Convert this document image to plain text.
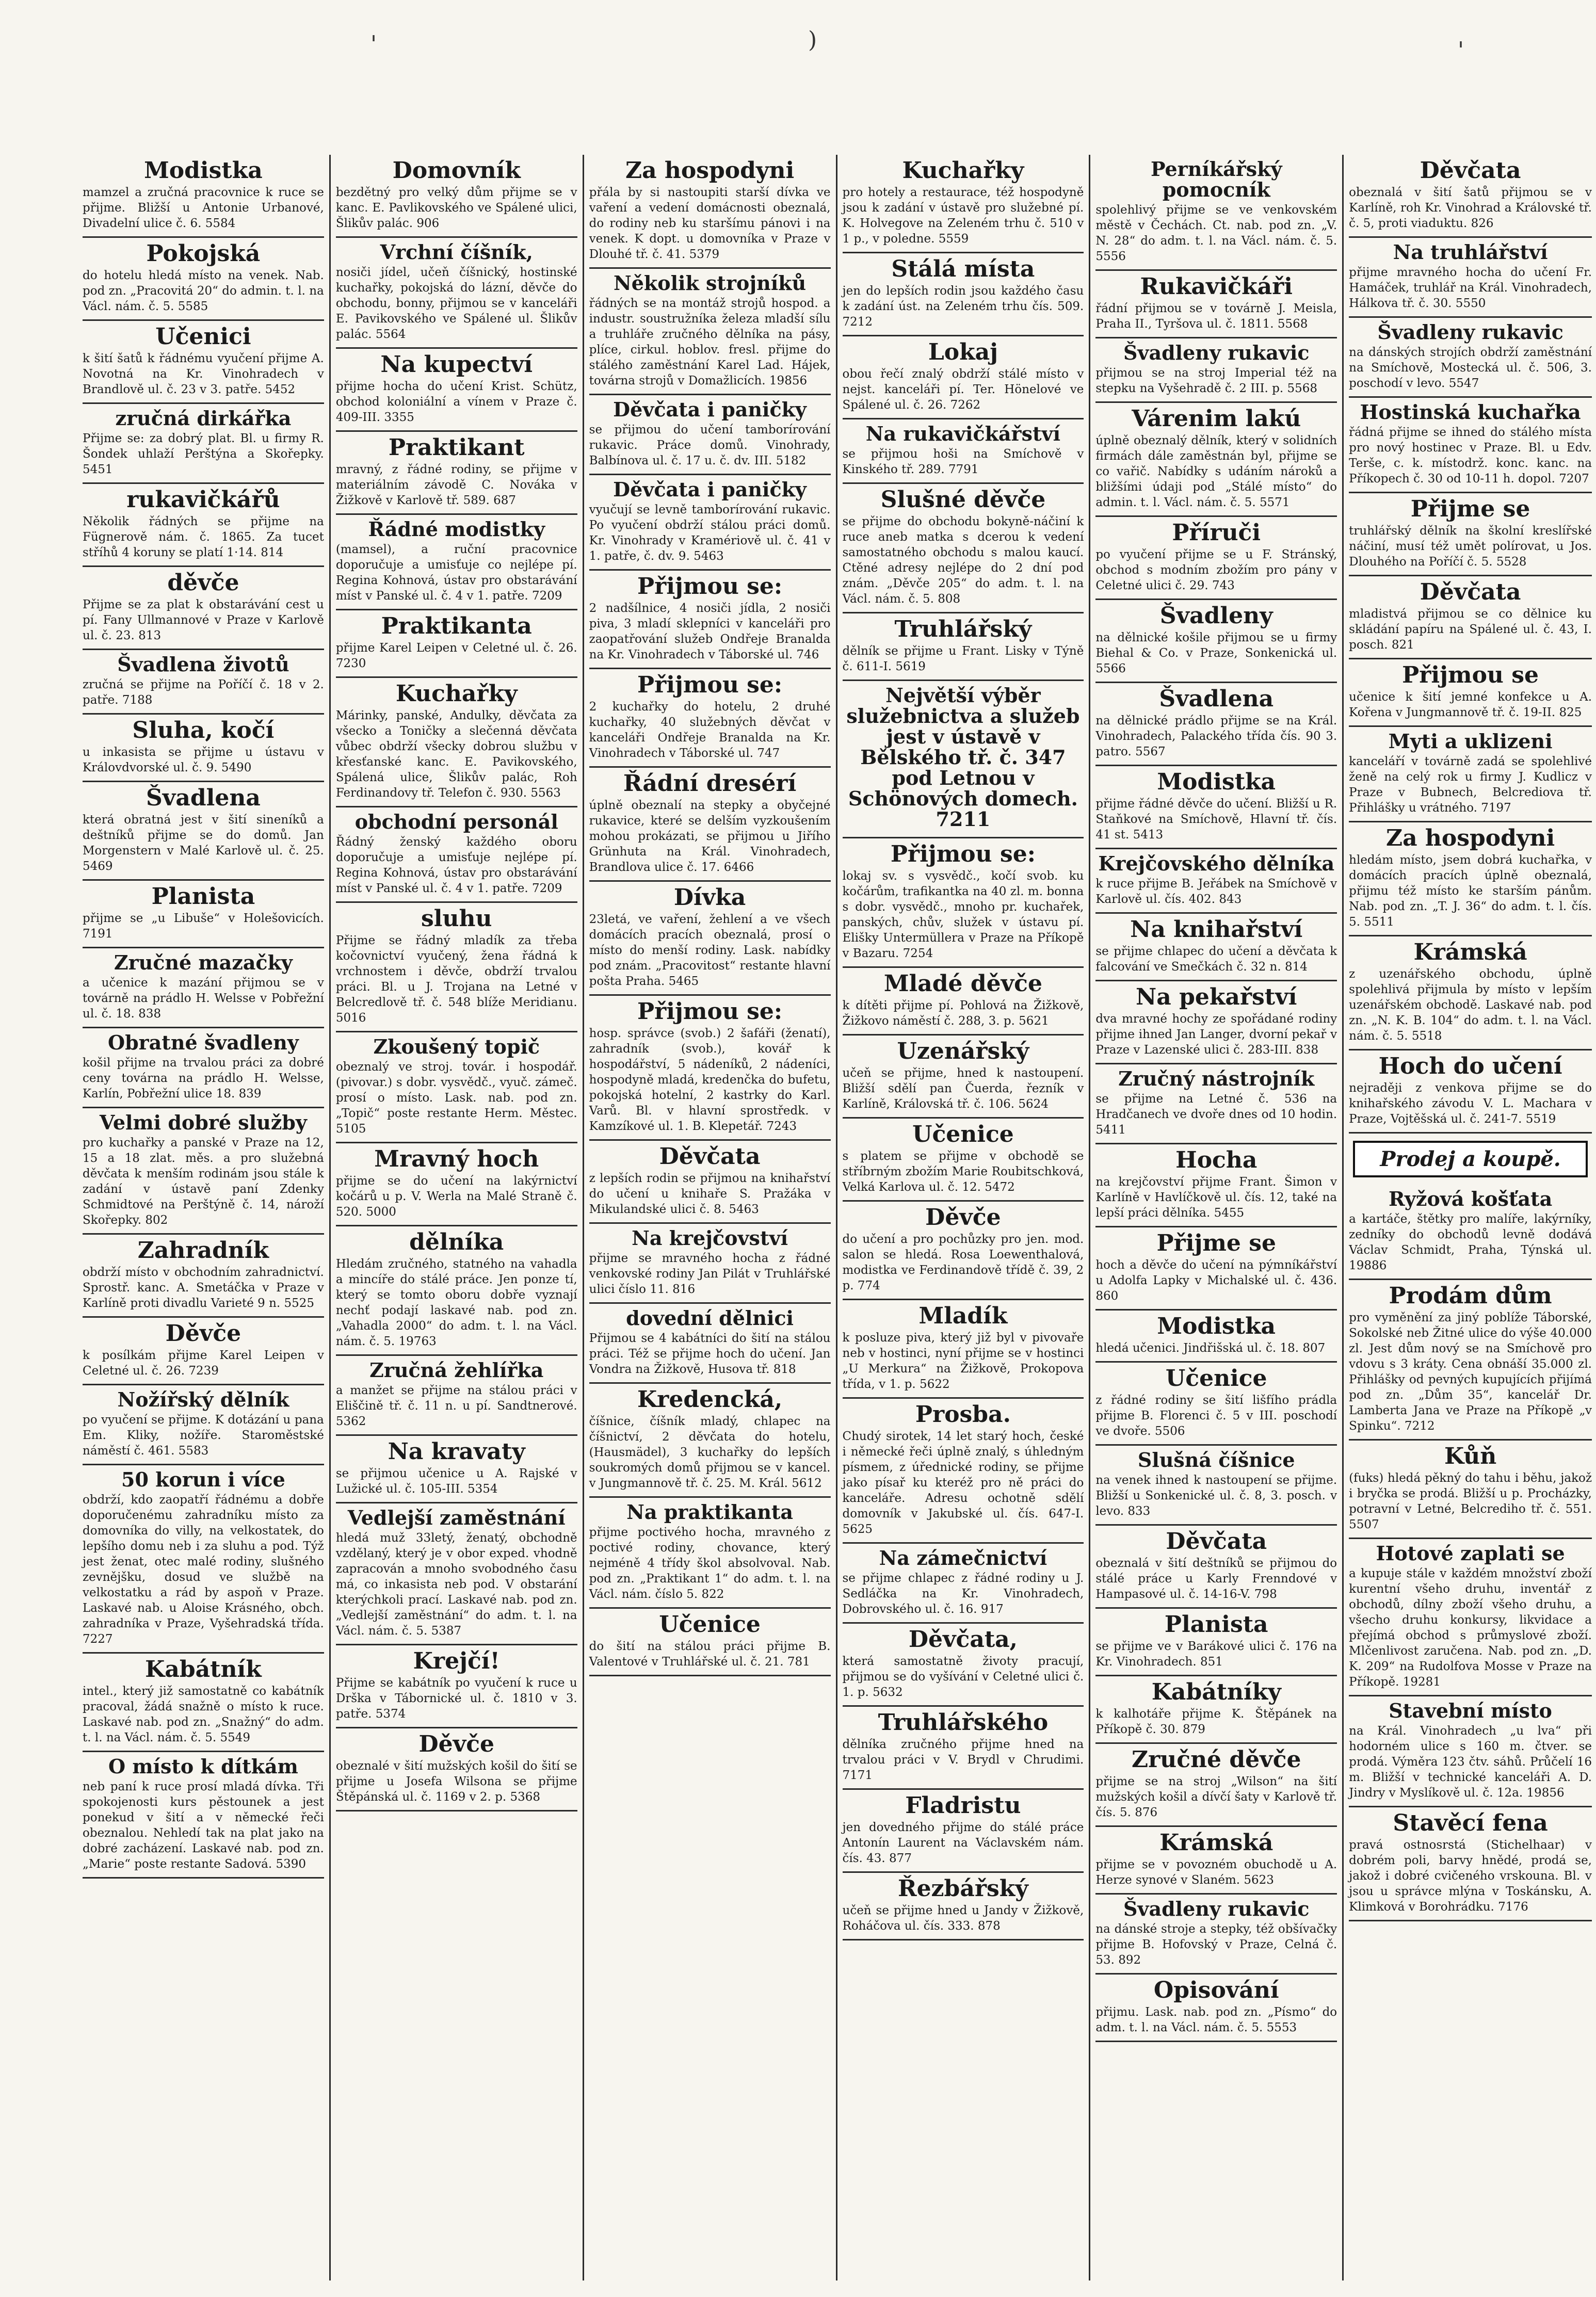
'	)	'
Modistka
mamzel a zručná pracovnice k ruce se přijme. Bližší u Antonie Urbanové, Divadelní ulice č. 6. 5584
Pokojská
do hotelu hledá místo na venek. Nab. pod zn. „Pracovitá 20“ do admin. t. l. na Václ. nám. č. 5. 5585
Učenici
k šití šatů k řádnému vyučení přijme A. Novotná na Kr. Vinohradech v Brandlově ul. č. 23 v 3. patře. 5452
zručná dirkářka
Přijme se: za dobrý plat. Bl. u firmy R. Šondek uhlaží Perštýna a Skořepky. 5451
rukavičkářů
Několik řádných se přijme na Fügnerově nám. č. 1865. Za tucet stříhů 4 koruny se platí 1·14. 814
děvče
Přijme se za plat k obstarávání cest u pí. Fany Ullmannové v Praze v Karlově ul. č. 23. 813
Švadlena životů
zručná se přijme na Poříčí č. 18 v 2. patře. 7188
Sluha, kočí
u inkasista se přijme u ústavu v Královdvorské ul. č. 9. 5490
Švadlena
která obratná jest v šití sineníků a deštníků přijme se do domů. Jan Morgenstern v Malé Karlově ul. č. 25. 5469
Planista
přijme se „u Libuše“ v Holešovicích. 7191
Zručné mazačky
a učenice k mazání přijmou se v továrně na prádlo H. Welsse v Pobřežní ul. č. 18. 838
Obratné švadleny
košil přijme na trvalou práci za dobré ceny továrna na prádlo H. Welsse, Karlín, Pobřežní ulice 18. 839
Velmi dobré služby
pro kuchařky a panské v Praze na 12, 15 a 18 zlat. měs. a pro služebná děvčata k menším rodinám jsou stále k zadání v ústavě paní Zdenky Schmidtové na Perštýně č. 14, nároží Skořepky. 802
Zahradník
obdrží místo v obchodním zahradnictví. Sprostř. kanc. A. Smetáčka v Praze v Karlíně proti divadlu Varieté 9 n. 5525
Děvče
k posílkám přijme Karel Leipen v Celetné ul. č. 26. 7239
Nožířský dělník
po vyučení se přijme. K dotázání u pana Em. Kliky, nožíře. Staroměstské náměstí č. 461. 5583
50 korun i více
obdrží, kdo zaopatří řádnému a dobře doporučenému zahradníku místo za domovníka do villy, na velkostatek, do lepšího domu neb i za sluhu a pod. Týž jest ženat, otec malé rodiny, slušného zevnějšku, dosud ve službě na velkostatku a rád by aspoň v Praze. Laskavé nab. u Aloise Krásného, obch. zahradníka v Praze, Vyšehradská třída. 7227
Kabátník
intel., který již samostatně co kabátník pracoval, žádá snažně o místo k ruce. Laskavé nab. pod zn. „Snažný“ do adm. t. l. na Václ. nám. č. 5. 5549
O místo k dítkám
neb paní k ruce prosí mladá dívka. Tři spokojenosti kurs pěstounek a jest ponekud v šití a v německé řeči obeznalou. Nehledí tak na plat jako na dobré zacházení. Laskavé nab. pod zn. „Marie“ poste restante Sadová. 5390
Domovník
bezdětný pro velký dům přijme se v kanc. E. Pavlikovského ve Spálené ulici, Šlikův palác. 906
Vrchní číšník,
nosiči jídel, učeň číšnický, hostinské kuchařky, pokojská do lázní, děvče do obchodu, bonny, přijmou se v kanceláři E. Pavikovského ve Spálené ul. Šlikův palác. 5564
Na kupectví
přijme hocha do učení Krist. Schütz, obchod koloniální a vínem v Praze č. 409-III. 3355
Praktikant
mravný, z řádné rodiny, se přijme v materiálním závodě C. Nováka v Žižkově v Karlově tř. 589. 687
Řádné modistky
(mamsel), a ruční pracovnice doporučuje a umisťuje co nejlépe pí. Regina Kohnová, ústav pro obstarávání míst v Panské ul. č. 4 v 1. patře. 7209
Praktikanta
přijme Karel Leipen v Celetné ul. č. 26. 7230
Kuchařky
Márinky, panské, Andulky, děvčata za všecko a Toničky a slečenná děvčata vůbec obdrží všecky dobrou službu v křesťanské kanc. E. Pavikovského, Spálená ulice, Šlikův palác, Roh Ferdinandovy tř. Telefon č. 930. 5563
obchodní personál
Řádný ženský každého oboru doporučuje a umisťuje nejlépe pí. Regina Kohnová, ústav pro obstarávání míst v Panské ul. č. 4 v 1. patře. 7209
sluhu
Přijme se řádný mladík za třeba kočovnictví vyučený, žena řádná k vrchnostem i děvče, obdrží trvalou práci. Bl. u J. Trojana na Letné v Belcredlově tř. č. 548 blíže Meridianu. 5016
Zkoušený topič
obeznalý ve stroj. továr. i hospodář. (pivovar.) s dobr. vysvědč., vyuč. zámeč. prosí o místo. Lask. nab. pod zn. „Topič“ poste restante Herm. Městec. 5105
Mravný hoch
přijme se do učení na lakýrnictví kočárů u p. V. Werla na Malé Straně č. 520. 5000
dělníka
Hledám zručného, statného na vahadla a mincíře do stálé práce. Jen ponze tí, který se tomto oboru dobře vyznají nechť podají laskavé nab. pod zn. „Vahadla 2000“ do adm. t. l. na Václ. nám. č. 5. 19763
Zručná žehlířka
a manžet se přijme na stálou práci v Eliščině tř. č. 11 n. u pí. Sandtnerové. 5362
Na kravaty
se přijmou učenice u A. Rajské v Lužické ul. č. 105-III. 5354
Vedlejší zaměstnání
hledá muž 33letý, ženatý, obchodně vzdělaný, který je v obor exped. vhodně zapracován a mnoho svobodného času má, co inkasista neb pod. V obstarání kterýchkoli prací. Laskavé nab. pod zn. „Vedlejší zaměstnání“ do adm. t. l. na Václ. nám. č. 5. 5387
Krejčí!
Přijme se kabátník po vyučení k ruce u Drška v Tábornické ul. č. 1810 v 3. patře. 5374
Děvče
obeznalé v šití mužských košil do šití se přijme u Josefa Wilsona se přijme Štěpánská ul. č. 1169 v 2. p. 5368
Za hospodyni
přála by si nastoupiti starší dívka ve vaření a vedení domácnosti obeznalá, do rodiny neb ku staršímu pánovi i na venek. K dopt. u domovníka v Praze v Dlouhé tř. č. 41. 5379
Několik strojníků
řádných se na montáž strojů hospod. a industr. soustružníka železa mladší sílu a truhláře zručného dělníka na pásy, plíce, cirkul. hoblov. fresl. přijme do stálého zaměstnání Karel Lad. Hájek, továrna strojů v Domažlicích. 19856
Děvčata i paničky
se přijmou do učení tamborírování rukavic. Práce domů. Vinohrady, Balbínova ul. č. 17 u. č. dv. III. 5182
Děvčata i paničky
vyučují se levně tamborírování rukavic. Po vyučení obdrží stálou práci domů. Kr. Vinohrady v Kramériově ul. č. 41 v 1. patře, č. dv. 9. 5463
Přijmou se:
2 nadšílnice, 4 nosiči jídla, 2 nosiči piva, 3 mladí sklepníci v kanceláři pro zaopatřování služeb Ondřeje Branalda na Kr. Vinohradech v Táborské ul. 746
Přijmou se:
2 kuchařky do hotelu, 2 druhé kuchařky, 40 služebných děvčat v kanceláři Ondřeje Branalda na Kr. Vinohradech v Táborské ul. 747
Řádní dresérí
úplně obeznalí na stepky a obyčejné rukavice, které se delším vyzkoušením mohou prokázati, se přijmou u Jiřího Grünhuta na Král. Vinohradech, Brandlova ulice č. 17. 6466
Dívka
23letá, ve vaření, žehlení a ve všech domácích pracích obeznalá, prosí o místo do menší rodiny. Lask. nabídky pod znám. „Pracovitost“ restante hlavní pošta Praha. 5465
Přijmou se:
hosp. správce (svob.) 2 šafáři (ženatí), zahradník (svob.), kovář k hospodářství, 5 nádeníků, 2 nádeníci, hospodyně mladá, kredenčka do bufetu, pokojská hotelní, 2 kastrky do Karl. Varů. Bl. v hlavní sprostředk. v Kamzíkové ul. 1. B. Klepetář. 7243
Děvčata
z lepších rodin se přijmou na knihařství do učení u knihaře S. Pražáka v Mikulandské ulici č. 8. 5463
Na krejčovství
přijme se mravného hocha z řádné venkovské rodiny Jan Pilát v Truhlářské ulici číslo 11. 816
dovední dělnici
Přijmou se 4 kabátníci do šití na stálou práci. Též se přijme hoch do učení. Jan Vondra na Žižkově, Husova tř. 818
Kredencká,
číšnice, číšník mladý, chlapec na číšnictví, 2 děvčata do hotelu, (Hausmädel), 3 kuchařky do lepších soukromých domů přijmou se v kancel. v Jungmannově tř. č. 25. M. Král. 5612
Na praktikanta
přijme poctivého hocha, mravného z poctivé rodiny, chovance, který nejméně 4 třídy škol absolvoval. Nab. pod zn. „Praktikant 1“ do adm. t. l. na Václ. nám. číslo 5. 822
Učenice
do šití na stálou práci přijme B. Valentové v Truhlářské ul. č. 21. 781
Kuchařky
pro hotely a restaurace, též hospodyně jsou k zadání v ústavě pro služebné pí. K. Holvegove na Zeleném trhu č. 510 v 1 p., v poledne. 5559
Stálá místa
jen do lepších rodin jsou každého času k zadání úst. na Zeleném trhu čís. 509. 7212
Lokaj
obou řečí znalý obdrží stálé místo v nejst. kanceláři pí. Ter. Hönelové ve Spálené ul. č. 26. 7262
Na rukavičkářství
se přijmou hoši na Smíchově v Kinského tř. 289. 7791
Slušné děvče
se přijme do obchodu bokyně-náčiní k ruce aneb matka s dcerou k vedení samostatného obchodu s malou kaucí. Ctěné adresy nejlépe do 2 dní pod znám. „Děvče 205“ do adm. t. l. na Václ. nám. č. 5. 808
Truhlářský
dělník se přijme u Frant. Lisky v Týně č. 611-I. 5619
Největší výběr služebnictva a služeb jest v ústavě v Bělského tř. č. 347 pod Letnou v Schönových domech. 7211
Přijmou se:
lokaj sv. s vysvědč., kočí svob. ku kočárům, trafikantka na 40 zl. m. bonna s dobr. vysvědč., mnoho pr. kuchařek, panských, chův, služek v ústavu pí. Elišky Untermüllera v Praze na Příkopě v Bazaru. 7254
Mladé děvče
k dítěti přijme pí. Pohlová na Žižkově, Žižkovo náměstí č. 288, 3. p. 5621
Uzenářský
učeň se přijme, hned k nastoupení. Bližší sdělí pan Čuerda, řezník v Karlíně, Královská tř. č. 106. 5624
Učenice
s platem se přijme v obchodě se stříbrným zbožím Marie Roubitschková, Velká Karlova ul. č. 12. 5472
Děvče
do učení a pro pochůzky pro jen. mod. salon se hledá. Rosa Loewenthalová, modistka ve Ferdinandově třídě č. 39, 2 p. 774
Mladík
k posluze piva, který již byl v pivovaře neb v hostinci, nyní přijme se v hostinci „U Merkura“ na Žižkově, Prokopova třída, v 1. p. 5622
Prosba.
Chudý sirotek, 14 let starý hoch, české i německé řeči úplně znalý, s úhledným písmem, z úřednické rodiny, se přijme jako písař ku kteréž pro ně práci do kanceláře. Adresu ochotně sdělí domovník v Jakubské ul. čís. 647-I. 5625
Na zámečnictví
se přijme chlapec z řádné rodiny u J. Sedláčka na Kr. Vinohradech, Dobrovského ul. č. 16. 917
Děvčata,
která samostatně životy pracují, přijmou se do vyšívání v Celetné ulici č. 1. p. 5632
Truhlářského
dělníka zručného přijme hned na trvalou práci v V. Brydl v Chrudimi. 7171
Fladristu
jen dovedného přijme do stálé práce Antonín Laurent na Václavském nám. čís. 43. 877
Řezbářský
učeň se přijme hned u Jandy v Žižkově, Roháčova ul. čís. 333. 878
Perníkářský pomocník
spolehlivý přijme se ve venkovském městě v Čechách. Ct. nab. pod zn. „V. N. 28“ do adm. t. l. na Václ. nám. č. 5. 5556
Rukavičkáři
řádní přijmou se v továrně J. Meisla, Praha II., Tyršova ul. č. 1811. 5568
Švadleny rukavic
přijmou se na stroj Imperial též na stepku na Vyšehradě č. 2 III. p. 5568
Várenim lakú
úplně obeznalý dělník, který v solidních firmách dále zaměstnán byl, přijme se co vařič. Nabídky s udáním nároků a bližšími údaji pod „Stálé místo“ do admin. t. l. Václ. nám. č. 5. 5571
Příruči
po vyučení přijme se u F. Stránský, obchod s modním zbožím pro pány v Celetné ulici č. 29. 743
Švadleny
na dělnické košile přijmou se u firmy Biehal & Co. v Praze, Sonkenická ul. 5566
Švadlena
na dělnické prádlo přijme se na Král. Vinohradech, Palackého třída čís. 90 3. patro. 5567
Modistka
přijme řádné děvče do učení. Bližší u R. Staňkové na Smíchově, Hlavní tř. čís. 41 st. 5413
Krejčovského dělníka
k ruce přijme B. Jeřábek na Smíchově v Karlově ul. čís. 402. 843
Na knihařství
se přijme chlapec do učení a děvčata k falcování ve Smečkách č. 32 n. 814
Na pekařství
dva mravné hochy ze spořádané rodiny přijme ihned Jan Langer, dvorní pekař v Praze v Lazenské ulici č. 283-III. 838
Zručný nástrojník
se přijme na Letné č. 536 na Hradčanech ve dvoře dnes od 10 hodin. 5411
Hocha
na krejčovství přijme Frant. Šimon v Karlíně v Havlíčkově ul. čís. 12, také na lepší práci dělníka. 5455
Přijme se
hoch a děvče do učení na pýmníkářství u Adolfa Lapky v Michalské ul. č. 436. 860
Modistka
hledá učenici. Jindřišská ul. č. 18. 807
Učenice
z řádné rodiny se šití lišfího prádla přijme B. Florenci č. 5 v III. poschodí ve dvoře. 5506
Slušná číšnice
na venek ihned k nastoupení se přijme. Bližší u Sonkenické ul. č. 8, 3. posch. v levo. 833
Děvčata
obeznalá v šití deštníků se přijmou do stálé práce u Karly Frenndové v Hampasové ul. č. 14-16-V. 798
Planista
se přijme ve v Barákové ulici č. 176 na Kr. Vinohradech. 851
Kabátníky
k kalhotáře přijme K. Štěpánek na Příkopě č. 30. 879
Zručné děvče
přijme se na stroj „Wilson“ na šití mužských košil a dívčí šaty v Karlově tř. čís. 5. 876
Krámská
přijme se v povozném obuchodě u A. Herze synové v Slaném. 5623
Švadleny rukavic
na dánské stroje a stepky, též obšívačky přijme B. Hofovský v Praze, Celná č. 53. 892
Opisování
přijmu. Lask. nab. pod zn. „Písmo“ do adm. t. l. na Václ. nám. č. 5. 5553
Děvčata
obeznalá v šití šatů přijmou se v Karlíně, roh Kr. Vinohrad a Královské tř. č. 5, proti viaduktu. 826
Na truhlářství
přijme mravného hocha do učení Fr. Hamáček, truhlář na Král. Vinohradech, Hálkova tř. č. 30. 5550
Švadleny rukavic
na dánských strojích obdrží zaměstnání na Smíchově, Mostecká ul. č. 506, 3. poschodí v levo. 5547
Hostinská kuchařka
řádná přijme se ihned do stálého místa pro nový hostinec v Praze. Bl. u Edv. Terše, c. k. místodrž. konc. kanc. na Příkopech č. 30 od 10-11 h. dopol. 7207
Přijme se
truhlářský dělník na školní kreslířské náčiní, musí též umět polírovat, u Jos. Dlouhého na Poříčí č. 5. 5528
Děvčata
mladistvá přijmou se co dělnice ku skládání papíru na Spálené ul. č. 43, I. posch. 821
Přijmou se
učenice k šití jemné konfekce u A. Kořena v Jungmannově tř. č. 19-II. 825
Myti a uklizeni
kanceláří v továrně zadá se spolehlivé ženě na celý rok u firmy J. Kudlicz v Praze v Bubnech, Belcrediova tř. Přihlášky u vrátného. 7197
Za hospodyni
hledám místo, jsem dobrá kuchařka, v domácích pracích úplně obeznalá, přijmu též místo ke starším pánům. Nab. pod zn. „T. J. 36“ do adm. t. l. čís. 5. 5511
Krámská
z uzenářského obchodu, úplně spolehlivá přijmula by místo v lepším uzenářském obchodě. Laskavé nab. pod zn. „N. K. B. 104“ do adm. t. l. na Václ. nám. č. 5. 5518
Hoch do učení
nejraději z venkova přijme se do knihařského závodu V. L. Machara v Praze, Vojtěšská ul. č. 241-7. 5519
Prodej a koupě.
Ryžová košťata
a kartáče, štětky pro malíře, lakýrníky, zedníky do obchodů levně dodává Václav Schmidt, Praha, Týnská ul. 19886
Prodám dům
pro vyměnění za jiný poblíže Táborské, Sokolské neb Žitné ulice do výše 40.000 zl. Jest dům nový se na Smíchově pro vdovu s 3 kráty. Cena obnáší 35.000 zl. Přihlášky od pevných kupujících přijímá pod zn. „Dům 35“, kancelář Dr. Lamberta Jana ve Praze na Příkopě „v Spinku“. 7212
Kůň
(fuks) hledá pěkný do tahu i běhu, jakož i bryčka se prodá. Bližší u p. Procházky, potravní v Letné, Belcrediho tř. č. 551. 5507
Hotové zaplati se
a kupuje stále v každém množství zboží kurentní všeho druhu, inventář z obchodů, dílny zboží všeho druhu, a všecho druhu konkursy, likvidace a přejímá obchod s průmyslové zboží. Mlčenlivost zaručena. Nab. pod zn. „D. K. 209“ na Rudolfova Mosse v Praze na Příkopě. 19281
Stavební místo
na Král. Vinohradech „u lva“ při hodorném ulice s 160 m. čtver. se prodá. Výměra 123 čtv. sáhů. Průčelí 16 m. Bližší v technické kanceláři A. D. Jindry v Myslíkově ul. č. 12a. 19856
Stavěcí fena
pravá ostnosrstá (Stichelhaar) v dobrém poli, barvy hnědé, prodá se, jakož i dobré cvičeného vrskouna. Bl. v jsou u správce mlýna v Toskánsku, A. Klimková v Borohrádku. 7176
